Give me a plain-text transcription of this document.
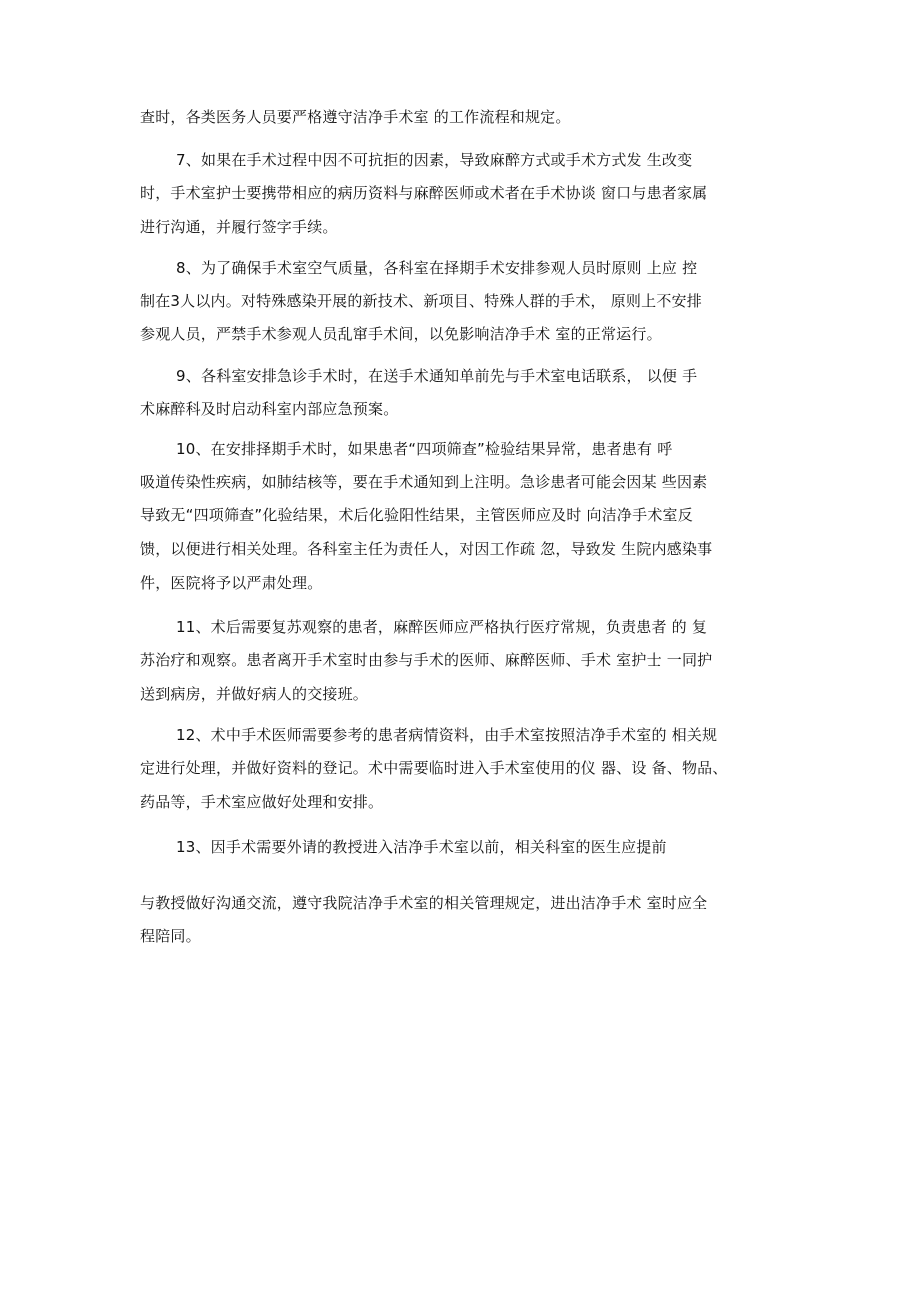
查时，各类医务人员要严格遵守洁净手术室 的工作流程和规定。
7、如果在手术过程中因不可抗拒的因素，导致麻醉方式或手术方式发 生改变
时，手术室护士要携带相应的病历资料与麻醉医师或术者在手术协谈 窗口与患者家属
进行沟通，并履行签字手续。
8、为了确保手术室空气质量，各科室在择期手术安排参观人员时原则 上应 控
制在3人以内。对特殊感染开展的新技术、新项目、特殊人群的手术， 原则上不安排
参观人员，严禁手术参观人员乱窜手术间，以免影响洁净手术 室的正常运行。
9、各科室安排急诊手术时，在送手术通知单前先与手术室电话联系， 以便 手
术麻醉科及时启动科室内部应急预案。
10、在安排择期手术时，如果患者“四项筛查”检验结果异常，患者患有 呼
吸道传染性疾病，如肺结核等，要在手术通知到上注明。急诊患者可能会因某 些因素
导致无“四项筛查”化验结果，术后化验阳性结果，主管医师应及时 向洁净手术室反
馈，以便进行相关处理。各科室主任为责任人，对因工作疏 忽，导致发 生院内感染事
件，医院将予以严肃处理。
11、术后需要复苏观察的患者，麻醉医师应严格执行医疗常规，负责患者 的 复
苏治疗和观察。患者离开手术室时由参与手术的医师、麻醉医师、手术 室护士 一同护
送到病房，并做好病人的交接班。
12、术中手术医师需要参考的患者病情资料，由手术室按照洁净手术室的 相关规
定进行处理，并做好资料的登记。术中需要临时进入手术室使用的仪 器、设 备、物品、
药品等，手术室应做好处理和安排。
13、因手术需要外请的教授进入洁净手术室以前，相关科室的医生应提前
与教授做好沟通交流，遵守我院洁净手术室的相关管理规定，进出洁净手术 室时应全
程陪同。
